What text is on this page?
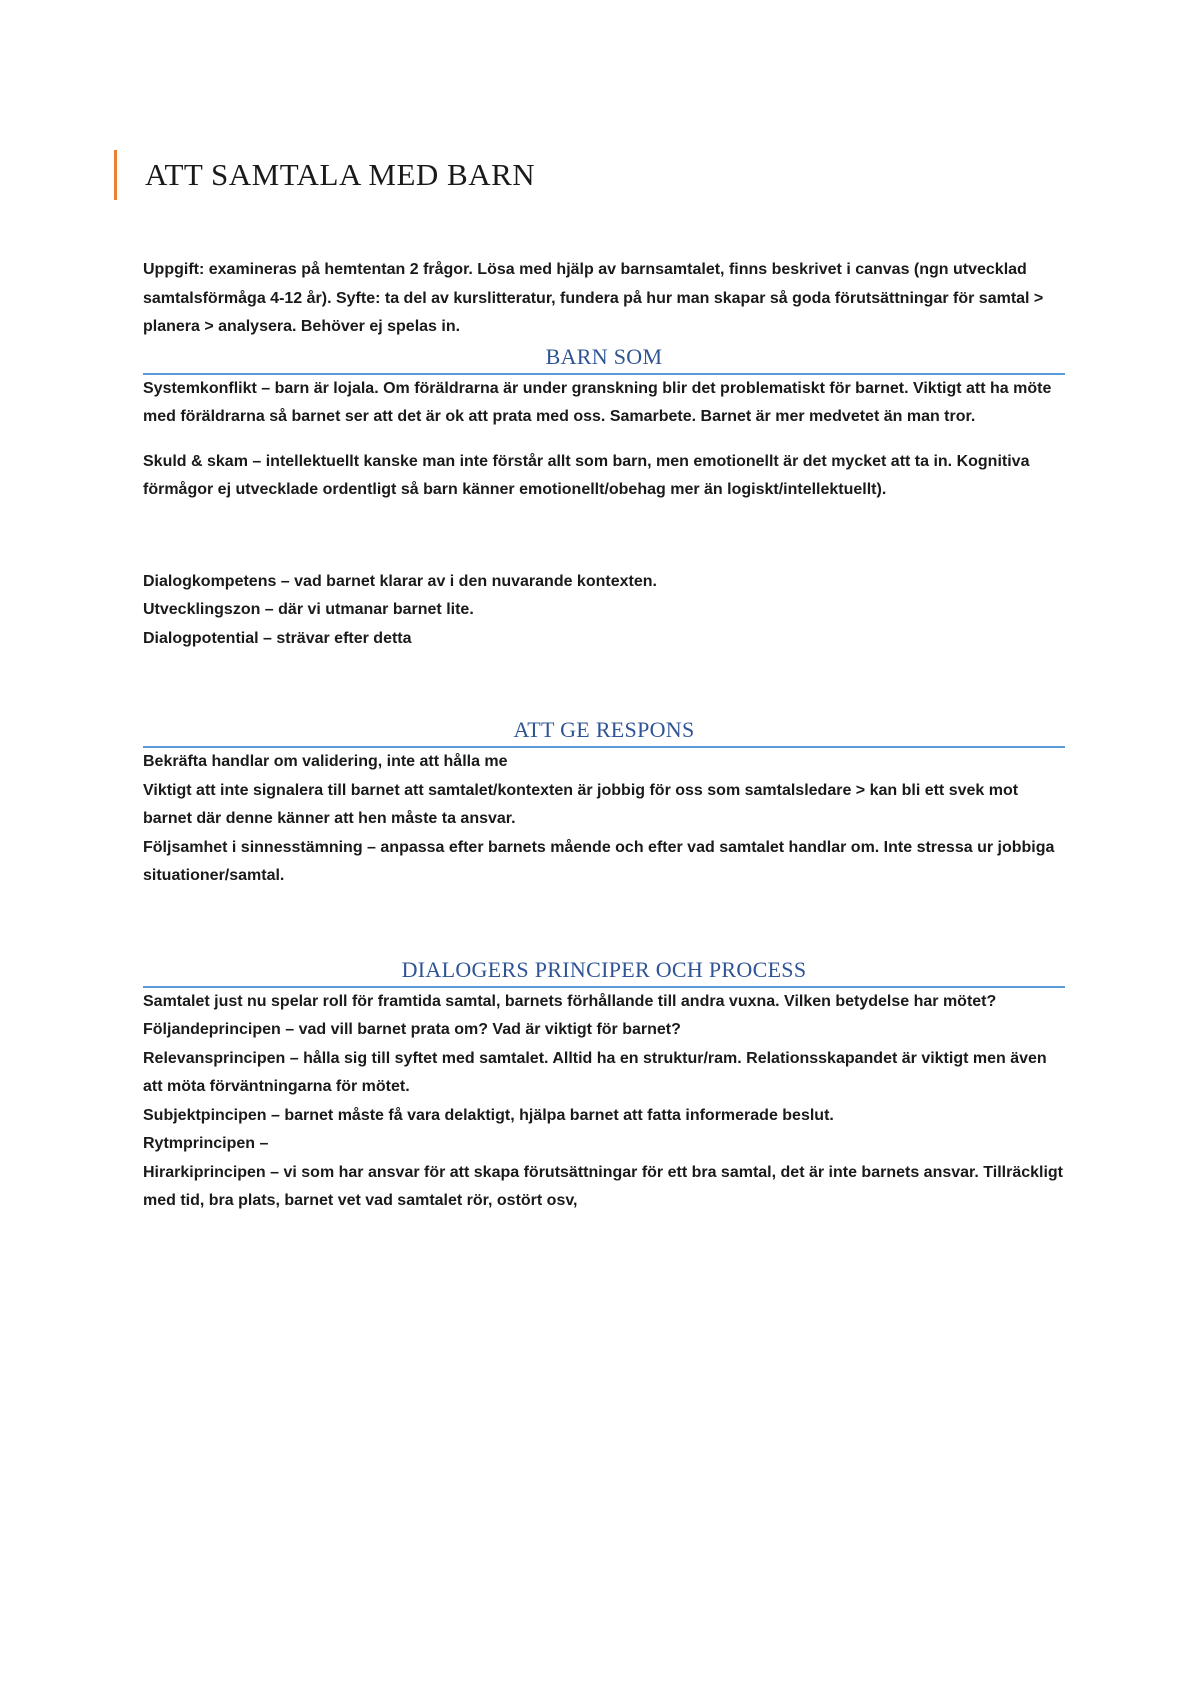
ATT SAMTALA MED BARN

Uppgift: examineras på hemtentan 2 frågor. Lösa med hjälp av barnsamtalet, finns beskrivet i canvas (ngn utvecklad samtalsförmåga 4-12 år). Syfte: ta del av kurslitteratur, fundera på hur man skapar så goda förutsättningar för samtal > planera > analysera. Behöver ej spelas in.

BARN SOM

Systemkonflikt – barn är lojala. Om föräldrarna är under granskning blir det problematiskt för barnet. Viktigt att ha möte med föräldrarna så barnet ser att det är ok att prata med oss. Samarbete. Barnet är mer medvetet än man tror.

Skuld & skam – intellektuellt kanske man inte förstår allt som barn, men emotionellt är det mycket att ta in. Kognitiva förmågor ej utvecklade ordentligt så barn känner emotionellt/obehag mer än logiskt/intellektuellt).

Dialogkompetens – vad barnet klarar av i den nuvarande kontexten.

Utvecklingszon – där vi utmanar barnet lite.

Dialogpotential – strävar efter detta

ATT GE RESPONS

Bekräfta handlar om validering, inte att hålla me

Viktigt att inte signalera till barnet att samtalet/kontexten är jobbig för oss som samtalsledare > kan bli ett svek mot barnet där denne känner att hen måste ta ansvar.

Följsamhet i sinnesstämning – anpassa efter barnets mående och efter vad samtalet handlar om. Inte stressa ur jobbiga situationer/samtal.

DIALOGERS PRINCIPER OCH PROCESS

Samtalet just nu spelar roll för framtida samtal, barnets förhållande till andra vuxna. Vilken betydelse har mötet?

Följandeprincipen – vad vill barnet prata om? Vad är viktigt för barnet?

Relevansprincipen – hålla sig till syftet med samtalet. Alltid ha en struktur/ram. Relationsskapandet är viktigt men även att möta förväntningarna för mötet.

Subjektpincipen – barnet måste få vara delaktigt, hjälpa barnet att fatta informerade beslut.

Rytmprincipen –

Hirarkiprincipen – vi som har ansvar för att skapa förutsättningar för ett bra samtal, det är inte barnets ansvar. Tillräckligt med tid, bra plats, barnet vet vad samtalet rör, ostört osv,
